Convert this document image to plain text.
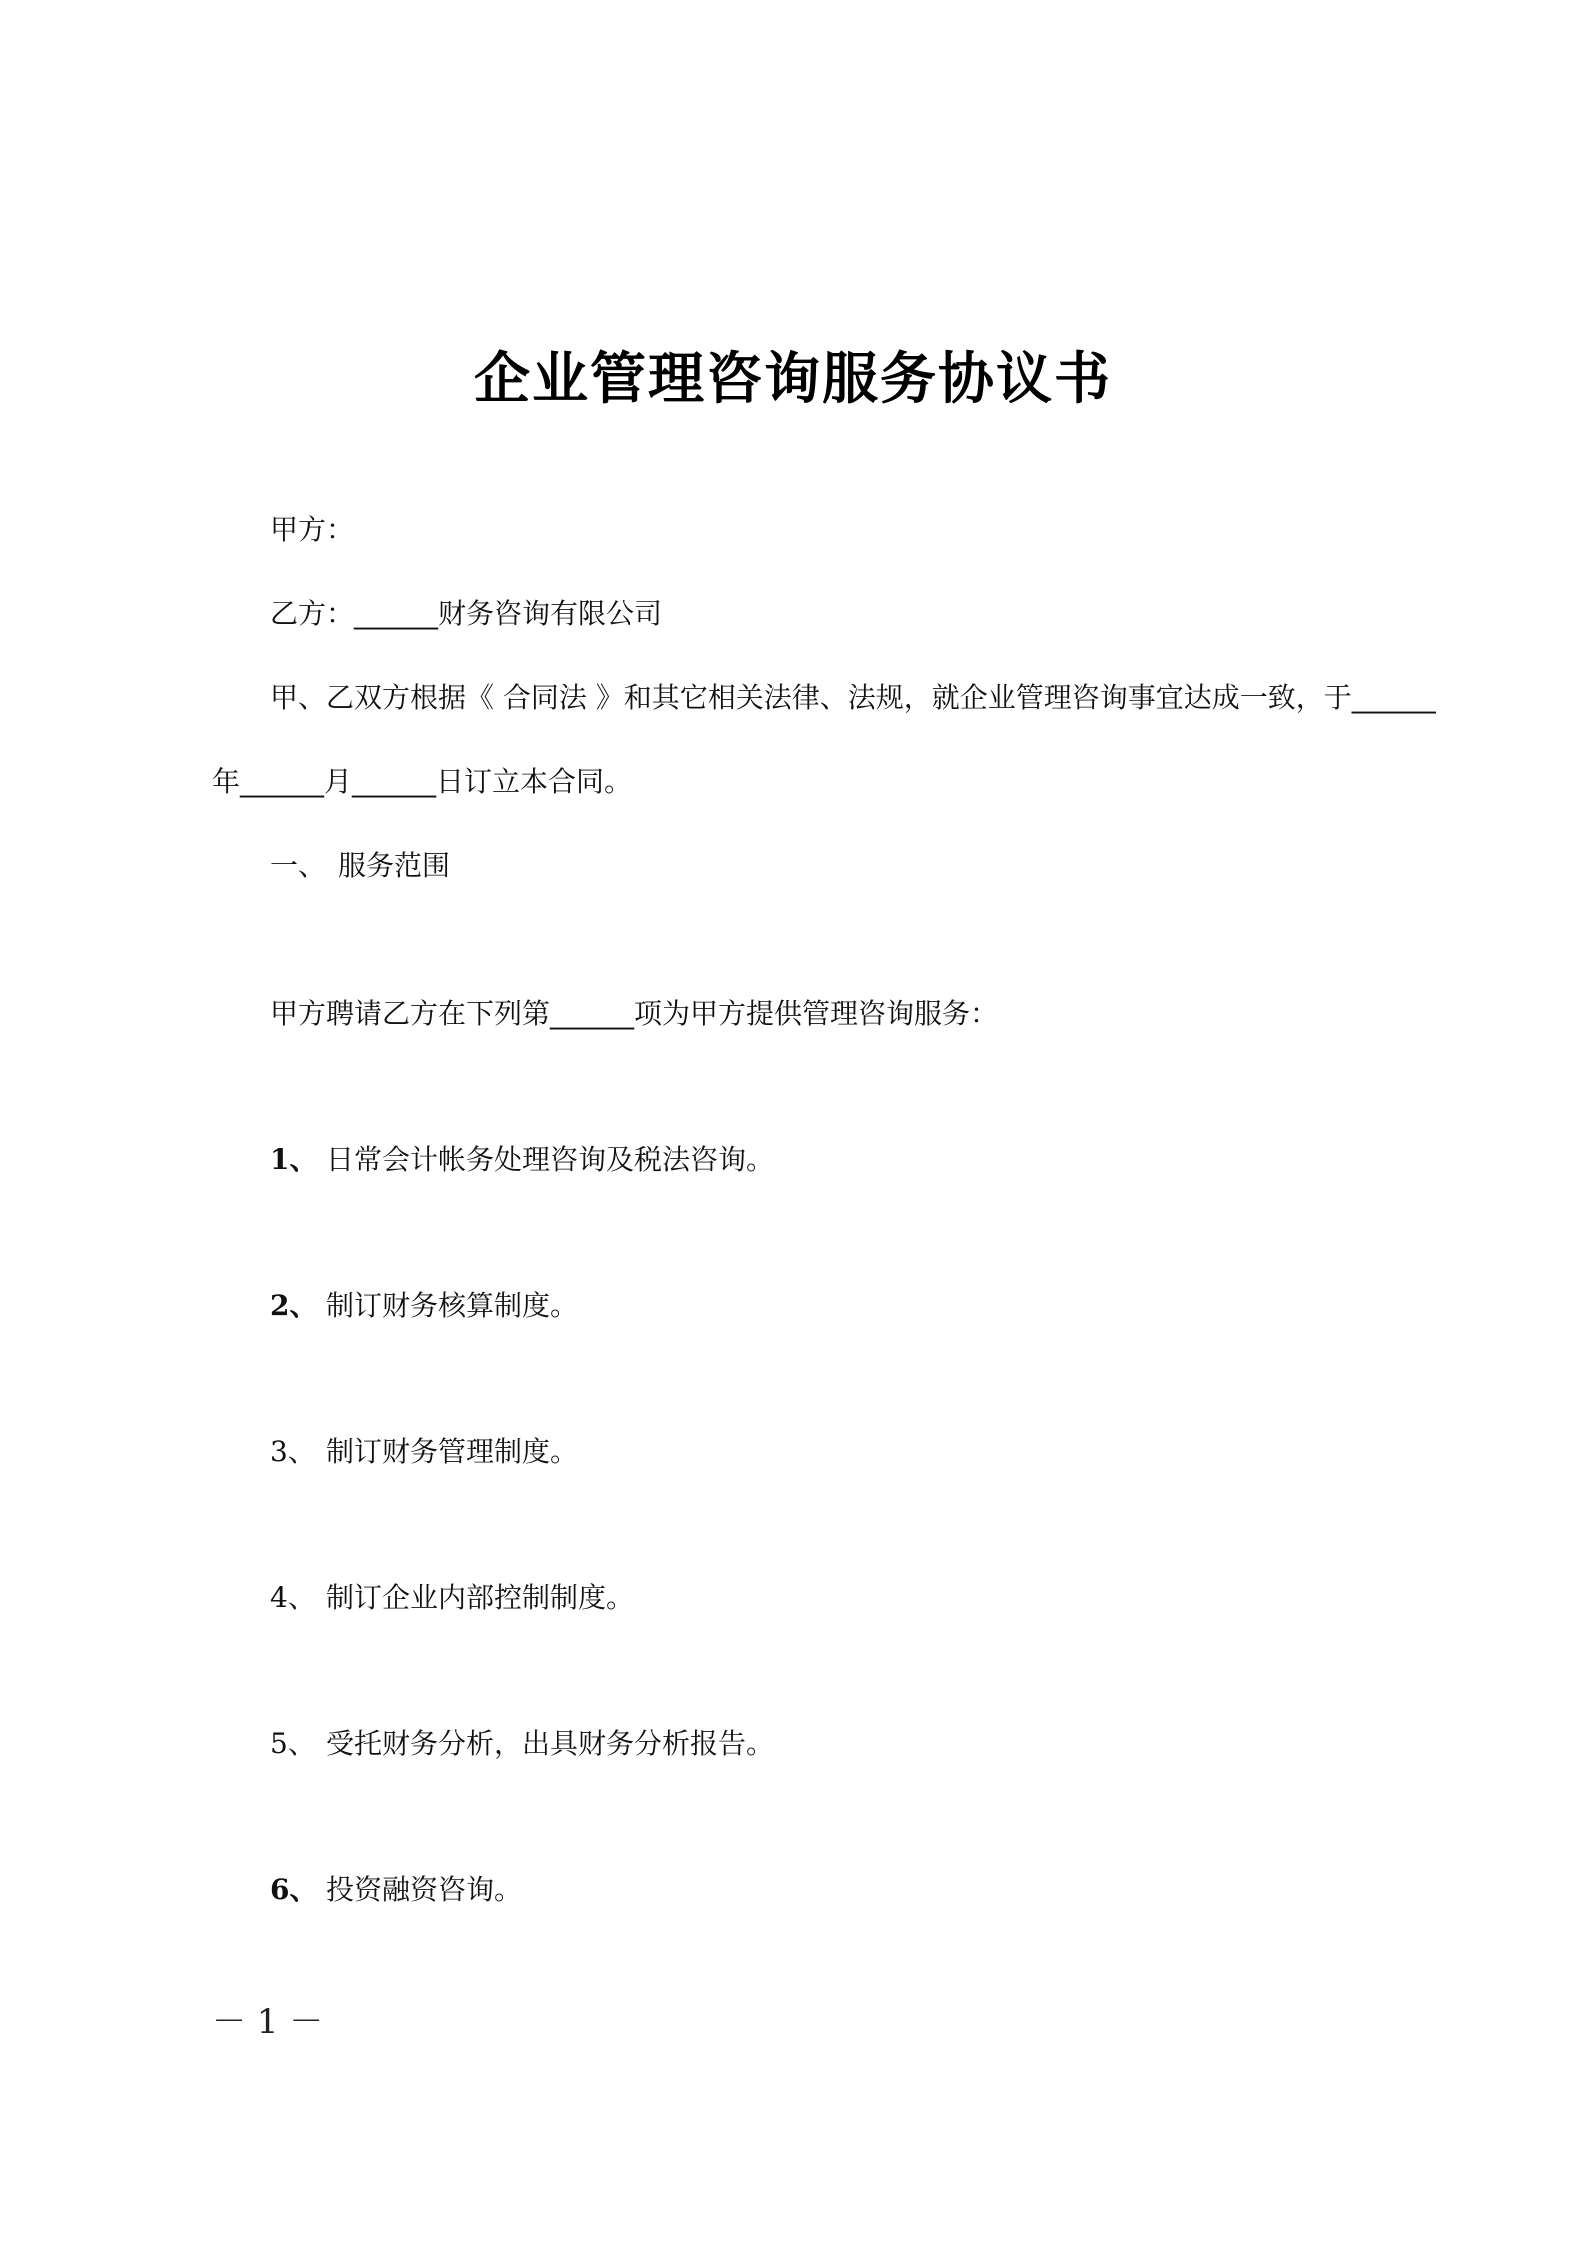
企业管理咨询服务协议书
甲方：
乙方：______财务咨询有限公司
甲、乙双方根据《 合同法 》和其它相关法律、法规，就企业管理咨询事宜达成一致，于______
年______月______日订立本合同。
一、 服务范围
甲方聘请乙方在下列第______项为甲方提供管理咨询服务：
1、 日常会计帐务处理咨询及税法咨询。
2、 制订财务核算制度。
3、 制订财务管理制度。
4、 制订企业内部控制制度。
5、 受托财务分析，出具财务分析报告。
6、 投资融资咨询。
－ 1 －
